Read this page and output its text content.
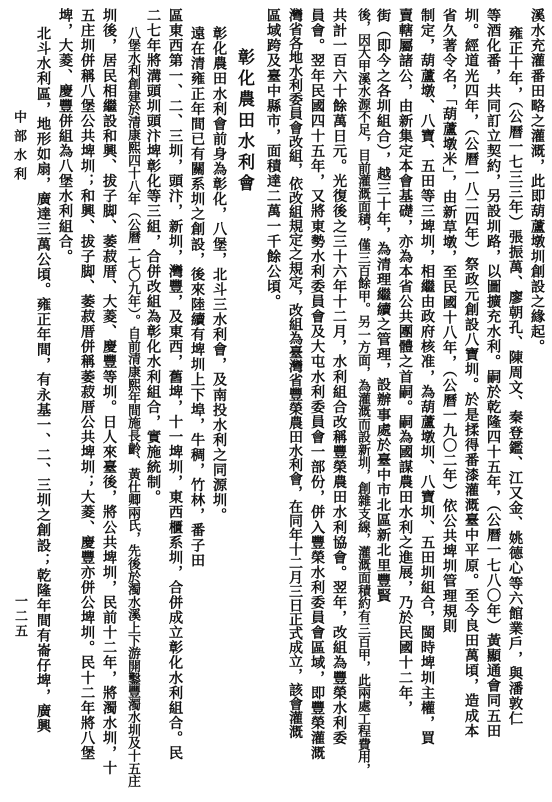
溪水充灌番田略之灌溉，此即葫蘆墩圳創設之緣起。
雍正十年，（公曆一七三三年）張振萬、廖朝孔、陳周文、秦登鑑、江又金、姚德心等六館業戶，與潘敦仁
等酒化番，共同訂立契約，另設圳路，以圖擴充水利。嗣於乾隆四十五年，（公曆一七八〇年）黃顯通會同五田
圳。經道光四年，（公曆一八二四年）祭政元創設八寶圳。於是揉得番漆灌溉臺中平原。至今良田萬頃，造成本
省久著令名，「葫蘆墩米」，由新草墩，至民國十八年，（公曆一九〇二年）依公共埤圳管理規則
制定，葫蘆墩、八寶、五田等三埤圳，相繼由政府核准，為葫蘆墩圳、八寶圳、五田圳組合，閩時埤圳主權，買
賣轄屬諸公，由新集定本會基礎，亦為本省公共團體之首嗣。嗣為國謀農田水利之進展，乃於民國十二年，
街（即今之各圳組合），越三十年，為清理繼續之管理，設辦事處於臺中市北區新北里豐賢
後，因大甲溪水源不足，目前灌溉面積，僅三百餘甲。另一方面，為灌溉而設新圳，創雜支線，灌溉面積約有三百甲，此兩處工程費用，
共計一百六十餘萬日元。光復後之三十六年十二月，水利組合改稱豐榮農田水利協會。翌年，改組為豐榮水利委
員會。翌年民國四十五年，又將東勢水利委員會及大屯水利委員會一部份，併入豐榮水利委員會區域，即豐榮灌溉
灣省各地水利委員會改組，依改組規定之規定，改組為臺灣省豐榮農田水利會，在同年十二月三日正式成立，該會灌溉
區域跨及臺中縣市，面積達二萬一千餘公頃。
彰化農田水利會
彰化農田水利會前身為彰化，八堡，北斗三水利會，及南投水利之同源圳。
遠在清雍正年間已有關系圳之創設，後來陸續有埤圳上下埠，牛稠，竹林，番子田
區東西第一、二、三圳，頭汴，新圳，灣豐，及東西，舊埤，十一埤圳，東西櫃系圳，合併成立彰化水利組合。民
二七年將溝頭圳頭汴埤彰化等三組，合併改組為彰化水利組合，實施統制。
八堡水利創建於清康熙四十八年（公曆一七〇九年）。自前清康熙年間施長齡、黃仕卿兩氏，先後於濁水溪上下游開鑿豐濁水圳及十五庄
圳後，居民相繼設和興、拔子脚、萎菽厝、大菱、慶豐等圳。日人來臺後，將公共埤圳，民前十二年，將濁水圳，十
五庄圳併稱八堡公共埤圳；和興、拔子脚、萎菽厝併稱萎菽厝公共埤圳；大菱、慶豐亦併公埤圳。民十二年將八堡
埤，大菱、慶豐併組為八堡水利組合。
北斗水利區，地形如扇，廣達三萬公頃。雍正年間，有永基一、二、三圳之創設；乾隆年間有崙仔埤，廣興
中部水利
一二五
